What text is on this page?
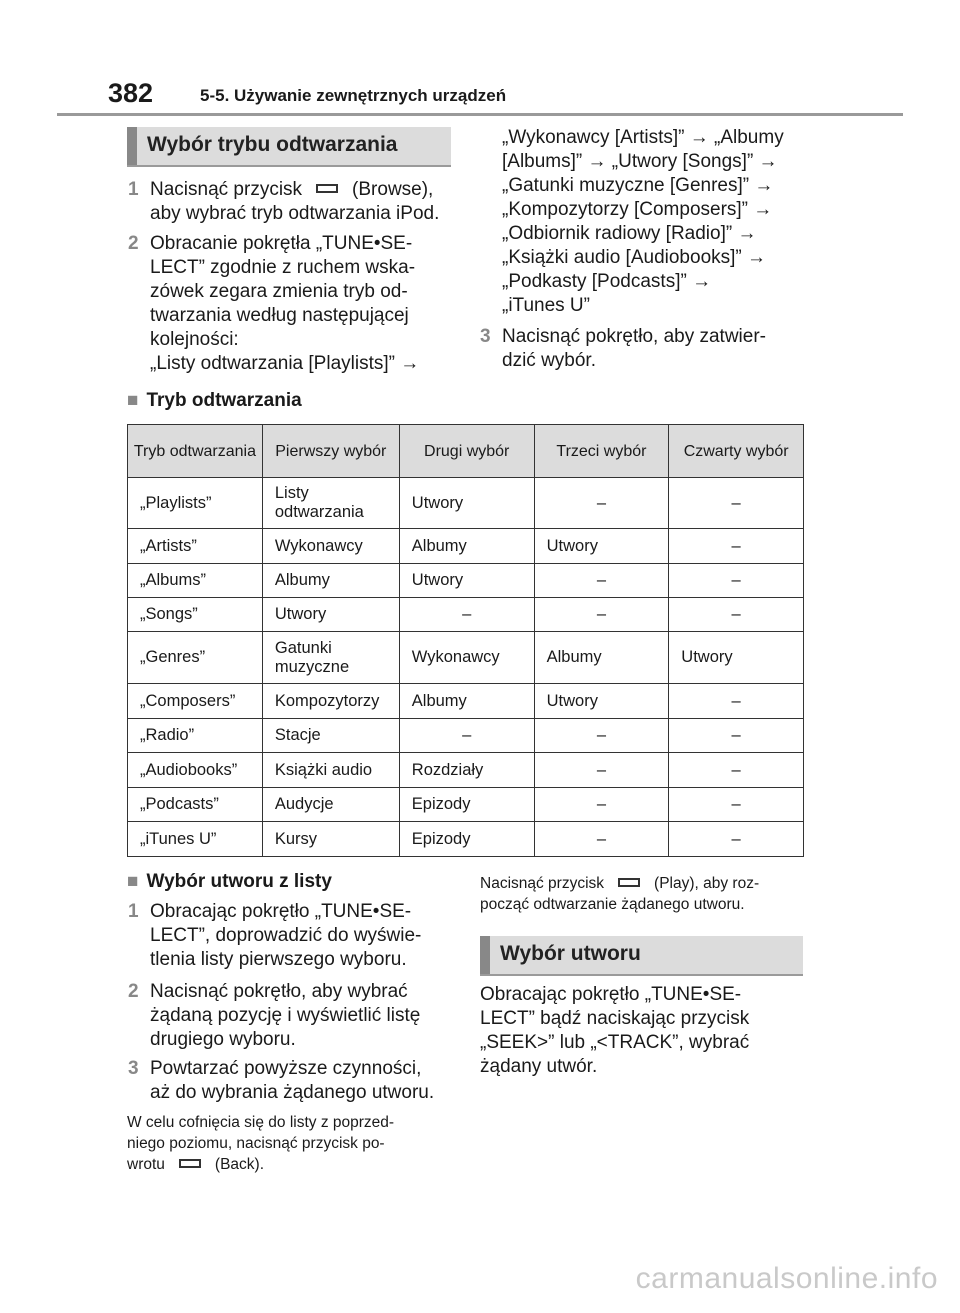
382	5-5. Używanie zewnętrznych urządzeń
Wybór trybu odtwarzania
1 Nacisnąć przycisk	(Browse),
aby wybrać tryb odtwarzania iPod.
2 Obracanie pokrętła „TUNE•SE-
LECT” zgodnie z ruchem wska-
zówek zegara zmienia tryb od-
twarzania według następującej
kolejności:
„Listy odtwarzania [Playlists]” →
„Wykonawcy [Artists]” → „Albumy
[Albums]” → „Utwory [Songs]” →
„Gatunki muzyczne [Genres]” →
„Kompozytorzy [Composers]” →
„Odbiornik radiowy [Radio]” →
„Książki audio [Audiobooks]” →
„Podkasty [Podcasts]” →
„iTunes U”
3 Nacisnąć pokrętło, aby zatwier-
dzić wybór.
■ Tryb odtwarzania
Tryb odtwarzania	Pierwszy wybór	Drugi wybór	Trzeci wybór	Czwarty wybór
„Playlists”	Listy
odtwarzania	Utwory	–	–
„Artists”	Wykonawcy	Albumy	Utwory	–
„Albums”	Albumy	Utwory	–	–
„Songs”	Utwory	–	–	–
„Genres”	Gatunki
muzyczne	Wykonawcy	Albumy	Utwory
„Composers”	Kompozytorzy	Albumy	Utwory	–
„Radio”	Stacje	–	–	–
„Audiobooks”	Książki audio	Rozdziały	–	–
„Podcasts”	Audycje	Epizody	–	–
„iTunes U”	Kursy	Epizody	–	–
■ Wybór utworu z listy
1 Obracając pokrętło „TUNE•SE-
LECT”, doprowadzić do wyświe-
tlenia listy pierwszego wyboru.
2 Nacisnąć pokrętło, aby wybrać
żądaną pozycję i wyświetlić listę
drugiego wyboru.
3 Powtarzać powyższe czynności,
aż do wybrania żądanego utworu.
W celu cofnięcia się do listy z poprzed-
niego poziomu, nacisnąć przycisk po-
wrotu	(Back).
Nacisnąć przycisk	(Play), aby roz-
począć odtwarzanie żądanego utworu.
Wybór utworu
Obracając pokrętło „TUNE•SE-
LECT” bądź naciskając przycisk
„SEEK>” lub „<TRACK”, wybrać
żądany utwór.
carmanualsonline.info
